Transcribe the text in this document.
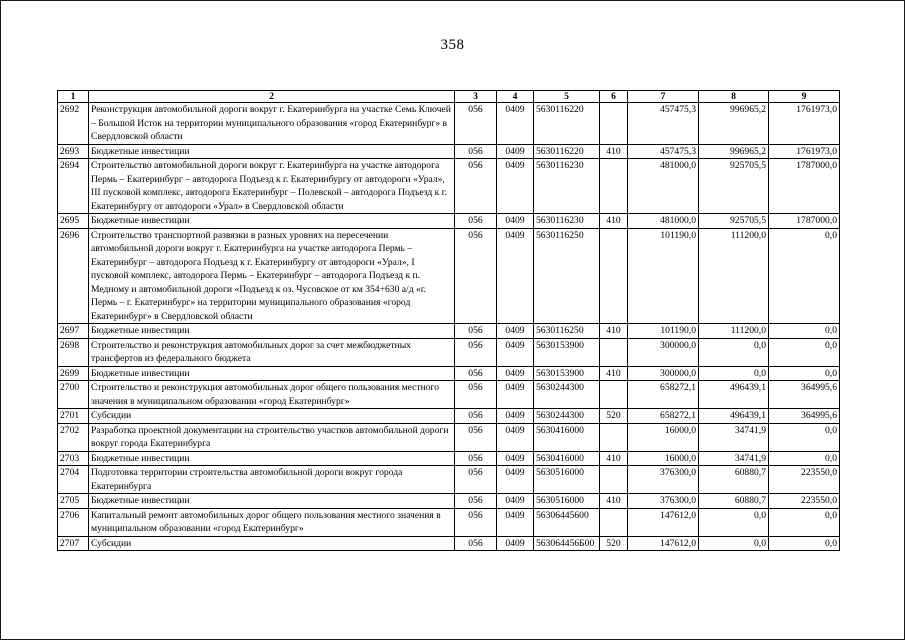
358
1	2	3	4	5	6	7	8	9
2692	Реконструкция автомобильной дороги вокруг г. Екатеринбурга на участке Семь Ключей – Большой Исток на территории муниципального образования «город Екатеринбург» в Свердловской области	056	0409	5630116220		457475,3	996965,2	1761973,0
2693	Бюджетные инвестиции	056	0409	5630116220	410	457475,3	996965,2	1761973,0
2694	Строительство автомобильной дороги вокруг г. Екатеринбурга на участке автодорога Пермь – Екатеринбург – автодорога Подъезд к г. Екатеринбургу от автодороги «Урал», III пусковой комплекс, автодорога Екатеринбург – Полевской – автодорога Подъезд к г. Екатеринбургу от автодороги «Урал» в Свердловской области	056	0409	5630116230		481000,0	925705,5	1787000,0
2695	Бюджетные инвестиции	056	0409	5630116230	410	481000,0	925705,5	1787000,0
2696	Строительство транспортной развязки в разных уровнях на пересечении автомобильной дороги вокруг г. Екатеринбурга на участке автодорога Пермь – Екатеринбург – автодорога Подъезд к г. Екатеринбургу от автодороги «Урал», I пусковой комплекс, автодорога Пермь – Екатеринбург – автодорога Подъезд к п. Медному и автомобильной дороги «Подъезд к оз. Чусовское от км 354+630 а/д «г. Пермь – г. Екатеринбург» на территории муниципального образования «город Екатеринбург» в Свердловской области	056	0409	5630116250		101190,0	111200,0	0,0
2697	Бюджетные инвестиции	056	0409	5630116250	410	101190,0	111200,0	0,0
2698	Строительство и реконструкция автомобильных дорог за счет межбюджетных трансфертов из федерального бюджета	056	0409	5630153900		300000,0	0,0	0,0
2699	Бюджетные инвестиции	056	0409	5630153900	410	300000,0	0,0	0,0
2700	Строительство и реконструкция автомобильных дорог общего пользования местного значения в муниципальном образовании «город Екатеринбург»	056	0409	5630244300		658272,1	496439,1	364995,6
2701	Субсидии	056	0409	5630244300	520	658272,1	496439,1	364995,6
2702	Разработка проектной документации на строительство участков автомобильной дороги вокруг города Екатеринбурга	056	0409	5630416000		16000,0	34741,9	0,0
2703	Бюджетные инвестиции	056	0409	5630416000	410	16000,0	34741,9	0,0
2704	Подготовка территории строительства автомобильной дороги вокруг города Екатеринбурга	056	0409	5630516000		376300,0	60880,7	223550,0
2705	Бюджетные инвестиции	056	0409	5630516000	410	376300,0	60880,7	223550,0
2706	Капитальный ремонт автомобильных дорог общего пользования местного значения в муниципальном образовании «город Екатеринбург»	056	0409	56306445600		147612,0	0,0	0,0
2707	Субсидии	056	0409	563064456Б00	520	147612,0	0,0	0,0
